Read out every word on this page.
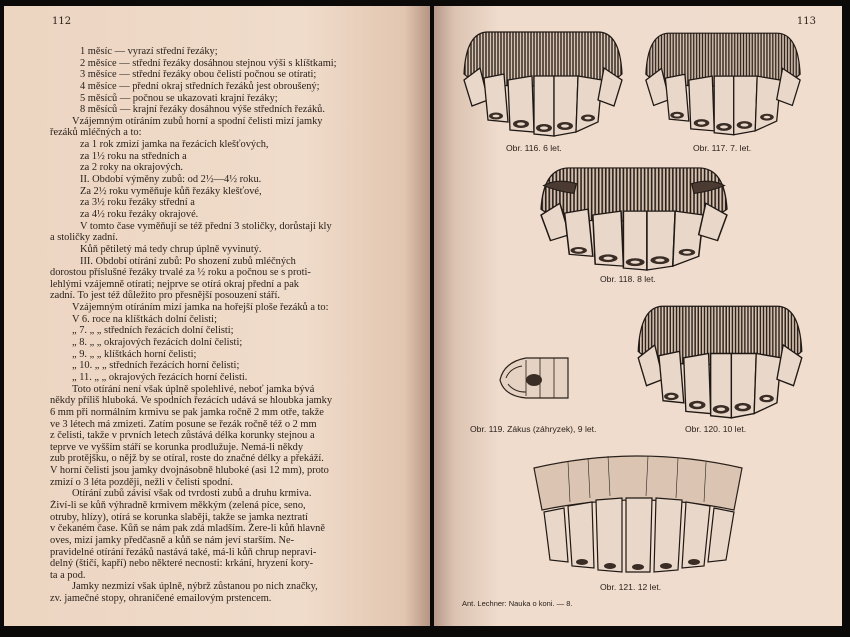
112
1 měsíc — vyrazí střední řezáky;
2 měsíce — střední řezáky dosáhnou stejnou výši s klíštkami;
3 měsíce — střední řezáky obou čelistí počnou se otírati;
4 měsíce — přední okraj středních řezáků jest obroušený;
5 měsíců — počnou se ukazovati krajní řezáky;
8 měsíců — krajní řezáky dosáhnou výše středních řezáků.
Vzájemným otíráním zubů horní a spodní čelisti mizí jamky
řezáků mléčných a to:
za 1 rok zmizí jamka na řezácích klešťových,
za 1½ roku na středních a
za 2 roky na okrajových.
II. Období výměny zubů: od 2½—4½ roku.
Za 2½ roku vyměňuje kůň řezáky klešťové,
za 3½ roku řezáky střední a
za 4½ roku řezáky okrajové.
V tomto čase vyměňují se též přední 3 stoličky, dorůstají kly
a stoličky zadní.
Kůň pětiletý má tedy chrup úplně vyvinutý.
III. Období otírání zubů: Po shození zubů mléčných
dorostou příslušné řezáky trvalé za ½ roku a počnou se s proti-
lehlými vzájemně otírati; nejprve se otírá okraj přední a pak
zadní. To jest též důležito pro přesnější posouzení stáří.
Vzájemným otíráním mizí jamka na hořejší ploše řezáků a to:
V 6. roce na klíštkách dolní čelisti;
„ 7. „ „ středních řezácích dolní čelisti;
„ 8. „ „ okrajových řezácích dolní čelisti;
„ 9. „ „ klíštkách horní čelisti;
„ 10. „ „ středních řezácích horní čelisti;
„ 11. „ „ okrajových řezácích horní čelisti.
Toto otírání není však úplně spolehlivé, neboť jamka bývá
někdy příliš hluboká. Ve spodních řezácích udává se hloubka jamky
6 mm při normálním krmivu se pak jamka ročně 2 mm otře, takže
ve 3 létech má zmizeti. Zatím posune se řezák ročně též o 2 mm
z čelisti, takže v prvních letech zůstává délka korunky stejnou a
teprve ve vyšším stáří se korunka prodlužuje. Nemá-li někdy
zub protějšku, o nějž by se otíral, roste do značné délky a překáží.
V horní čelisti jsou jamky dvojnásobně hluboké (asi 12 mm), proto
zmizí o 3 léta později, nežli v čelisti spodní.
Otírání zubů závisí však od tvrdosti zubů a druhu krmiva.
Živí-li se kůň výhradně krmivem měkkým (zelená píce, seno,
otruby, hlízy), otírá se korunka slaběji, takže se jamka neztratí
v čekaném čase. Kůň se nám pak zdá mladším. Žere-li kůň hlavně
oves, mizí jamky předčasně a kůň se nám jeví starším. Ne-
pravidelné otírání řezáků nastává také, má-li kůň chrup nepravi-
delný (štičí, kapří) nebo některé necnosti: krkání, hryzení kory-
ta a pod.
Jamky nezmizí však úplně, nýbrž zůstanou po nich značky,
zv. jamečné stopy, ohraničené emailovým prstencem.
113
Obr. 116. 6 let.	Obr. 117. 7. let.
Obr. 118. 8 let.
Obr. 119. Zákus (záhryzek), 9 let.	Obr. 120. 10 let.
Obr. 121. 12 let.
Ant. Lechner: Nauka o koni. — 8.
